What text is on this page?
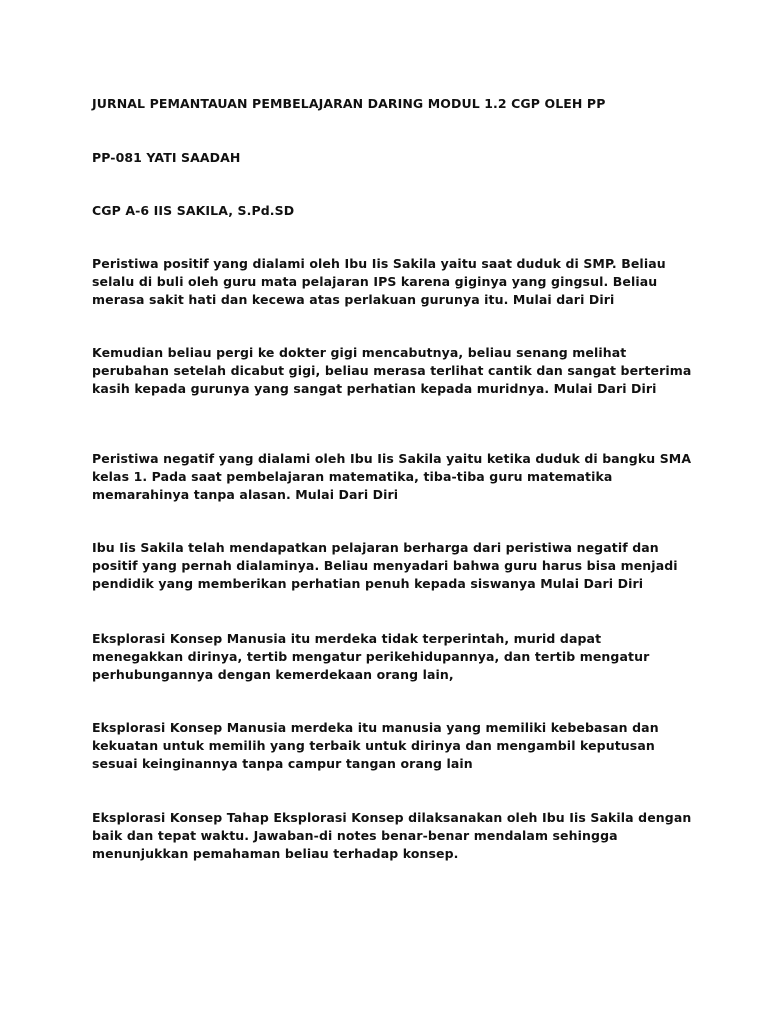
JURNAL PEMANTAUAN PEMBELAJARAN DARING MODUL 1.2 CGP OLEH PP

PP-081 YATI SAADAH

CGP A-6 IIS SAKILA, S.Pd.SD

Peristiwa positif yang dialami oleh Ibu Iis Sakila yaitu saat duduk di SMP. Beliau selalu di buli oleh guru mata pelajaran IPS karena giginya yang gingsul. Beliau merasa sakit hati dan kecewa atas perlakuan gurunya itu. Mulai dari Diri

Kemudian beliau pergi ke dokter gigi mencabutnya, beliau senang melihat perubahan setelah dicabut gigi, beliau merasa terlihat cantik dan sangat berterima kasih kepada gurunya yang sangat perhatian kepada muridnya. Mulai Dari Diri

Peristiwa negatif yang dialami oleh Ibu Iis Sakila yaitu ketika duduk di bangku SMA kelas 1. Pada saat pembelajaran matematika, tiba-tiba guru matematika memarahinya tanpa alasan. Mulai Dari Diri

Ibu Iis Sakila telah mendapatkan pelajaran berharga dari peristiwa negatif dan positif yang pernah dialaminya. Beliau menyadari bahwa guru harus bisa menjadi pendidik yang memberikan perhatian penuh kepada siswanya Mulai Dari Diri

Eksplorasi Konsep Manusia itu merdeka tidak terperintah, murid dapat menegakkan dirinya, tertib mengatur perikehidupannya, dan tertib mengatur perhubungannya dengan kemerdekaan orang lain,

Eksplorasi Konsep Manusia merdeka itu manusia yang memiliki kebebasan dan kekuatan untuk memilih yang terbaik untuk dirinya dan mengambil keputusan sesuai keinginannya tanpa campur tangan orang lain

Eksplorasi Konsep Tahap Eksplorasi Konsep dilaksanakan oleh Ibu Iis Sakila dengan baik dan tepat waktu. Jawaban-di notes benar-benar mendalam sehingga menunjukkan pemahaman beliau terhadap konsep.
